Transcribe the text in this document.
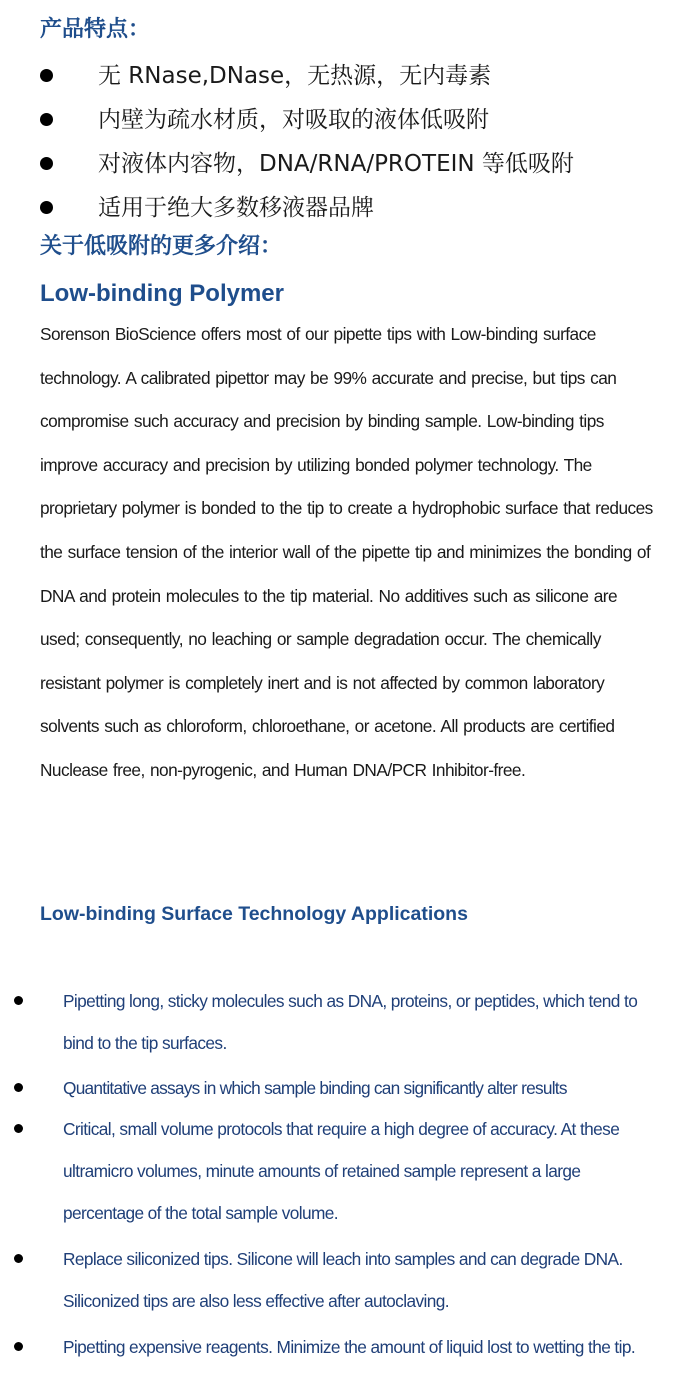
产品特点：
无 RNase,DNase，无热源，无内毒素
内壁为疏水材质，对吸取的液体低吸附
对液体内容物，DNA/RNA/PROTEIN 等低吸附
适用于绝大多数移液器品牌
关于低吸附的更多介绍：
Low-binding Polymer

Sorenson BioScience offers most of our pipette tips with Low-binding surface technology. A calibrated pipettor may be 99% accurate and precise, but tips can compromise such accuracy and precision by binding sample. Low-binding tips improve accuracy and precision by utilizing bonded polymer technology. The proprietary polymer is bonded to the tip to create a hydrophobic surface that reduces the surface tension of the interior wall of the pipette tip and minimizes the bonding of DNA and protein molecules to the tip material. No additives such as silicone are used; consequently, no leaching or sample degradation occur. The chemically resistant polymer is completely inert and is not affected by common laboratory solvents such as chloroform, chloroethane, or acetone. All products are certified Nuclease free, non-pyrogenic, and Human DNA/PCR Inhibitor-free.

Low-binding Surface Technology Applications
Pipetting long, sticky molecules such as DNA, proteins, or peptides, which tend to bind to the tip surfaces.
Quantitative assays in which sample binding can significantly alter results
Critical, small volume protocols that require a high degree of accuracy. At these ultramicro volumes, minute amounts of retained sample represent a large percentage of the total sample volume.
Replace siliconized tips. Silicone will leach into samples and can degrade DNA. Siliconized tips are also less effective after autoclaving.
Pipetting expensive reagents. Minimize the amount of liquid lost to wetting the tip.
